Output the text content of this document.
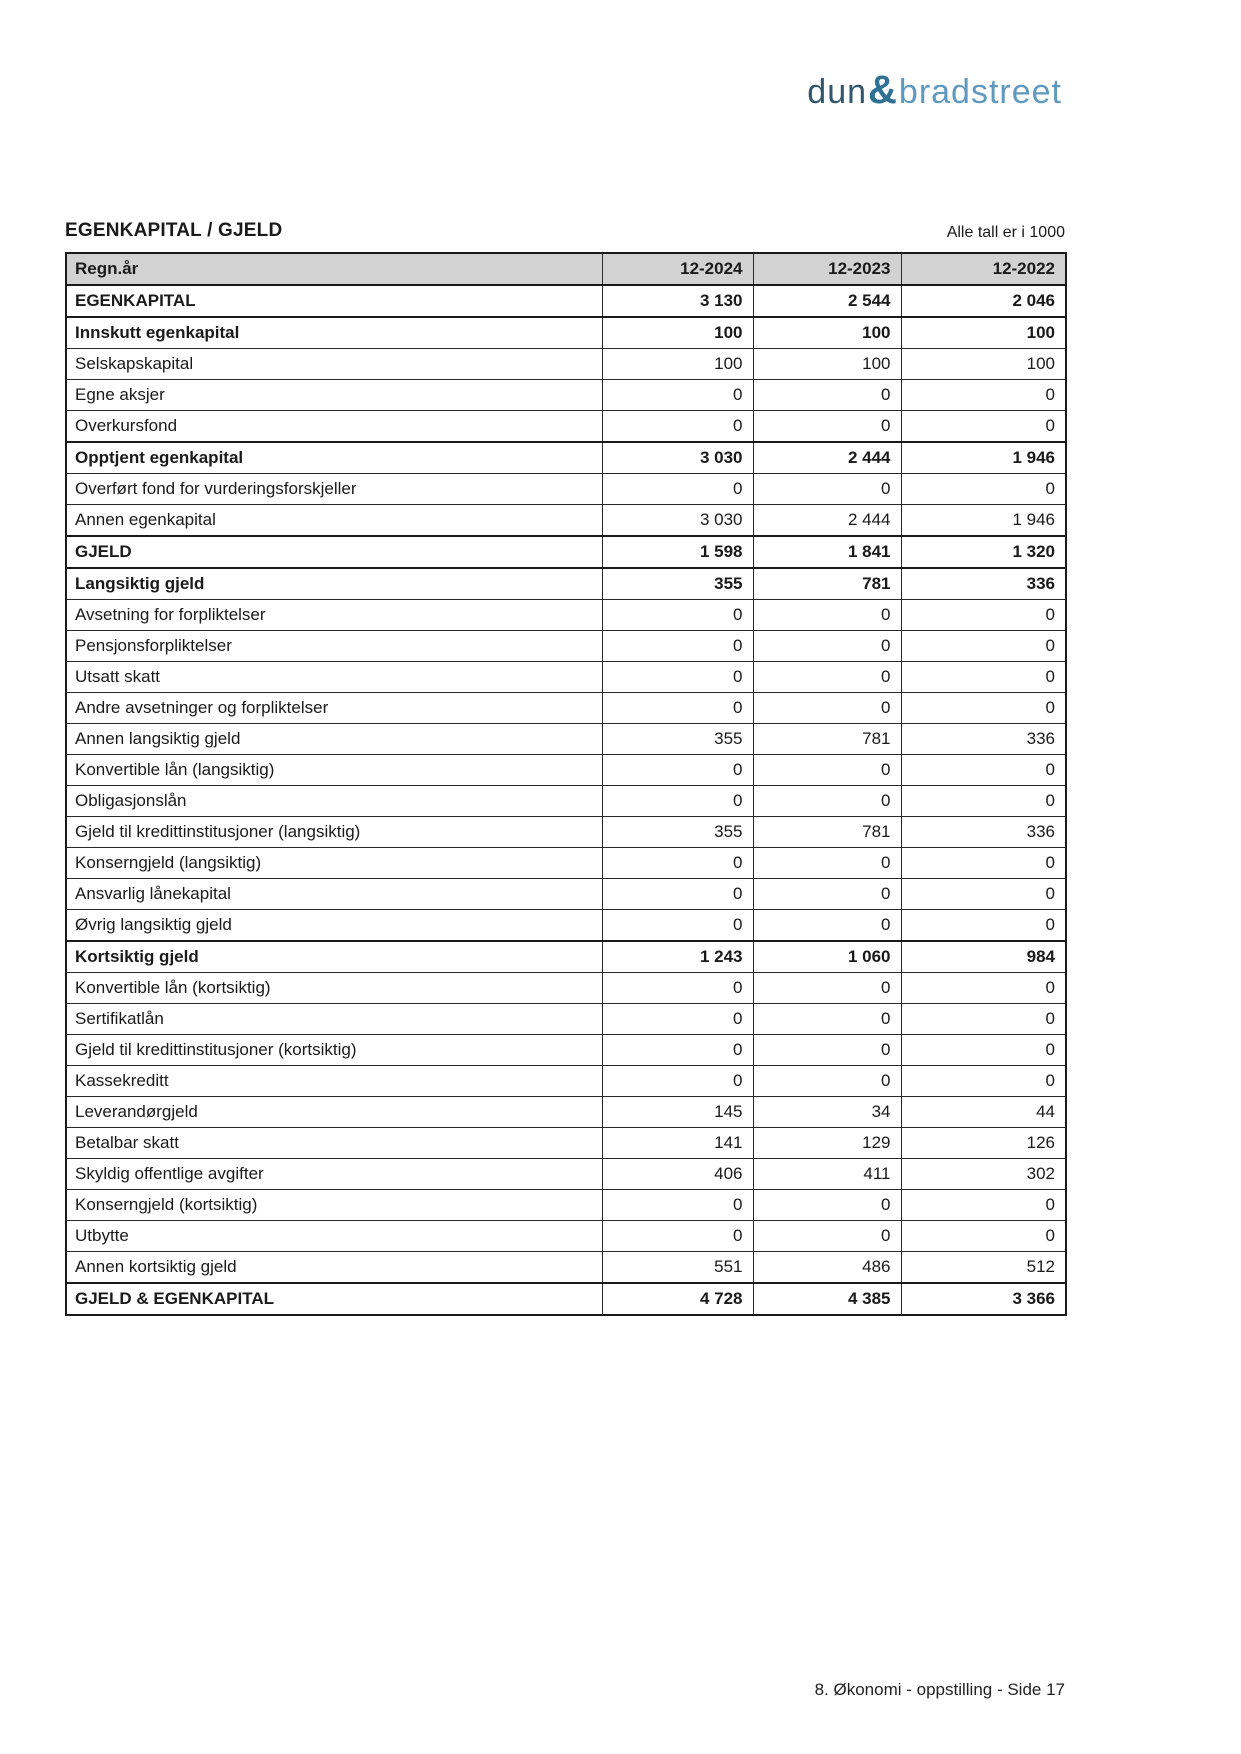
dun&bradstreet
EGENKAPITAL / GJELD	Alle tall er i 1000
Regn.år	12-2024	12-2023	12-2022
EGENKAPITAL	3 130	2 544	2 046
Innskutt egenkapital	100	100	100
Selskapskapital	100	100	100
Egne aksjer	0	0	0
Overkursfond	0	0	0
Opptjent egenkapital	3 030	2 444	1 946
Overført fond for vurderingsforskjeller	0	0	0
Annen egenkapital	3 030	2 444	1 946
GJELD	1 598	1 841	1 320
Langsiktig gjeld	355	781	336
Avsetning for forpliktelser	0	0	0
Pensjonsforpliktelser	0	0	0
Utsatt skatt	0	0	0
Andre avsetninger og forpliktelser	0	0	0
Annen langsiktig gjeld	355	781	336
Konvertible lån (langsiktig)	0	0	0
Obligasjonslån	0	0	0
Gjeld til kredittinstitusjoner (langsiktig)	355	781	336
Konserngjeld (langsiktig)	0	0	0
Ansvarlig lånekapital	0	0	0
Øvrig langsiktig gjeld	0	0	0
Kortsiktig gjeld	1 243	1 060	984
Konvertible lån (kortsiktig)	0	0	0
Sertifikatlån	0	0	0
Gjeld til kredittinstitusjoner (kortsiktig)	0	0	0
Kassekreditt	0	0	0
Leverandørgjeld	145	34	44
Betalbar skatt	141	129	126
Skyldig offentlige avgifter	406	411	302
Konserngjeld (kortsiktig)	0	0	0
Utbytte	0	0	0
Annen kortsiktig gjeld	551	486	512
GJELD & EGENKAPITAL	4 728	4 385	3 366
8. Økonomi - oppstilling - Side 17
